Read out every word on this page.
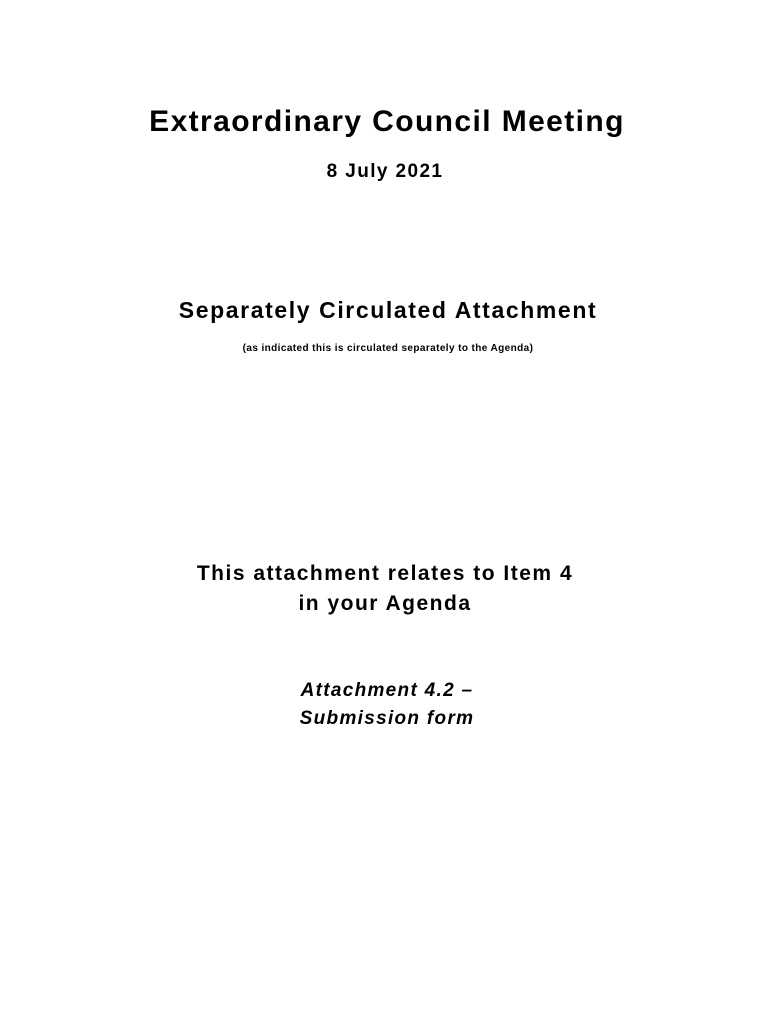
Extraordinary Council Meeting
8 July 2021
Separately Circulated Attachment
(as indicated this is circulated separately to the Agenda)
This attachment relates to Item 4
in your Agenda
Attachment 4.2 –
Submission form
